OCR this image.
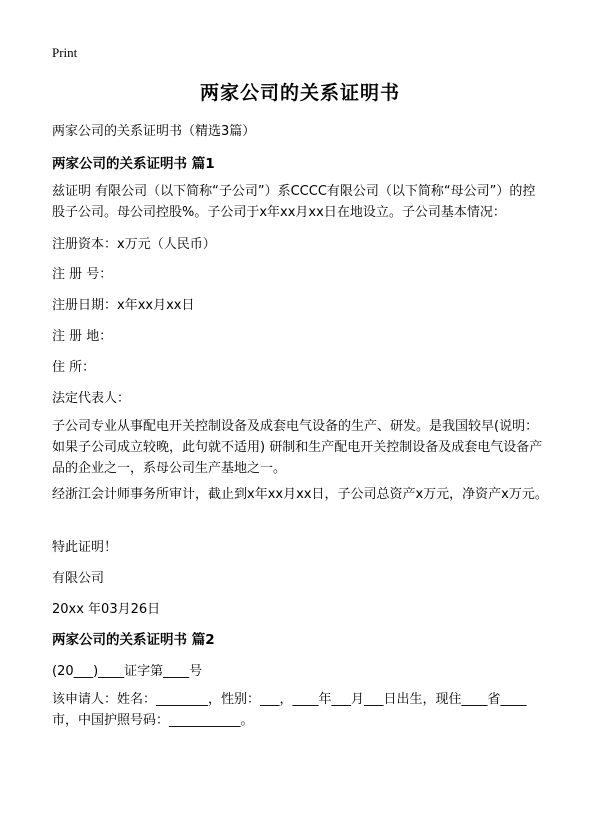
Print
两家公司的关系证明书
两家公司的关系证明书（精选3篇）
两家公司的关系证明书 篇1

兹证明 有限公司（以下简称“子公司”）系CCCC有限公司（以下简称“母公司”）的控股子公司。母公司控股%。子公司于x年xx月xx日在地设立。子公司基本情况：

注册资本：x万元（人民币）
注 册 号：
注册日期：x年xx月xx日
注 册 地：
住 所：
法定代表人：

子公司专业从事配电开关控制设备及成套电气设备的生产、研发。是我国较早(说明：如果子公司成立较晚，此句就不适用) 研制和生产配电开关控制设备及成套电气设备产品的企业之一，系母公司生产基地之一。

经浙江会计师事务所审计，截止到x年xx月xx日，子公司总资产x万元，净资产x万元。

特此证明！
有限公司
20xx 年03月26日
两家公司的关系证明书 篇2
(20___)____证字第____号

该申请人：姓名：________，性别：___，____年___月___日出生，现住____省____市，中国护照号码：___________。
